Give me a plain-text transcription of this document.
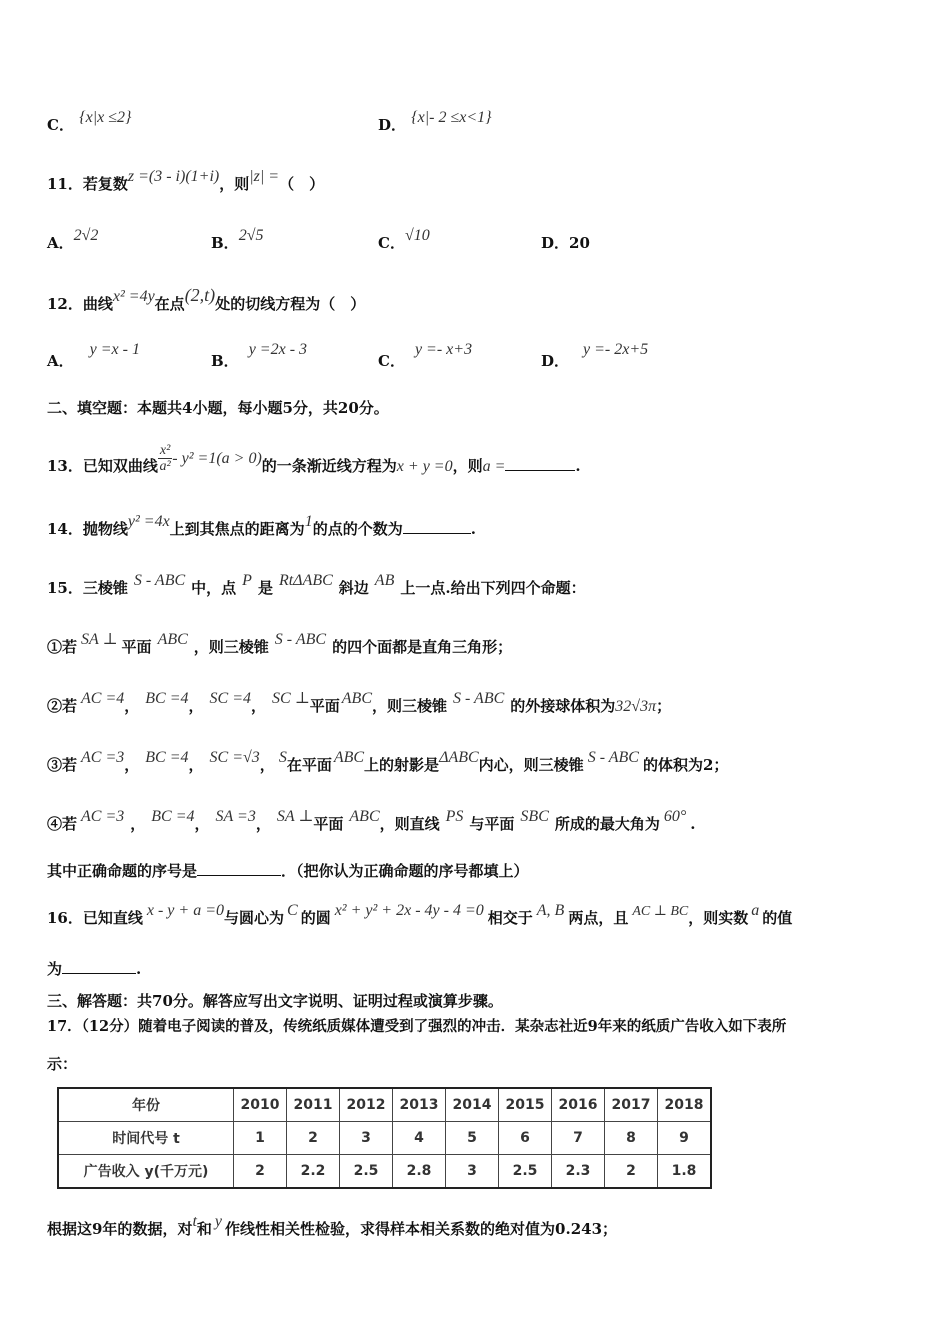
C． {x|x ≤2}	D． {x|- 2 ≤x<1}
11．若复数z =(3 - i)(1+i)，则|z| =（　）
A．2√2	B．2√5	C．√10	D．20
12．曲线x² =4y在点(2,t)处的切线方程为（　）
A．y =x - 1
B．y =2x - 3
C．y =- x+3
D．y =- 2x+5
二、填空题：本题共4小题，每小题5分，共20分。
13．已知双曲线 $\frac{\text{x²}}{\text{a²}} - y^2 =1(a > 0)$的一条渐近线方程为x + y =0，则a =	.
14．抛物线y² =4x上到其焦点的距离为1的点的个数为	.
15．三棱锥 S - ABC 中，点 P 是 RtΔABC 斜边 AB 上一点.给出下列四个命题：
①若 SA ⊥ 平面 ABC ，则三棱锥 S - ABC 的四个面都是直角三角形；
②若 AC =4， BC =4， SC =4， SC ⊥平面 ABC，则三棱锥 S - ABC 的外接球体积为32√3π；
③若 AC =3， BC =4， SC =√3， S在平面 ABC上的射影是ΔABC内心，则三棱锥 S - ABC 的体积为2；
④若 AC =3 ， BC =4， SA =3， SA ⊥平面 ABC，则直线 PS 与平面 SBC 所成的最大角为 60° .
其中正确命题的序号是	．（把你认为正确命题的序号都填上）
16．已知直线 x - y + a =0与圆心为 C 的圆 x² + y² + 2x - 4y - 4 =0 相交于 A, B 两点，且 AC ⊥ BC，则实数 a 的值
为	.
三、解答题：共70分。解答应写出文字说明、证明过程或演算步骤。
17．（12分）随着电子阅读的普及，传统纸质媒体遭受到了强烈的冲击．某杂志社近9年来的纸质广告收入如下表所
示：
年份	2010	2011	2012	2013	2014	2015	2016	2017	2018
时间代号 t	1	2	3	4	5	6	7	8	9
广告收入 y(千万元)	2	2.2	2.5	2.8	3	2.5	2.3	2	1.8
根据这9年的数据，对t和 y 作线性相关性检验，求得样本相关系数的绝对值为0.243；
